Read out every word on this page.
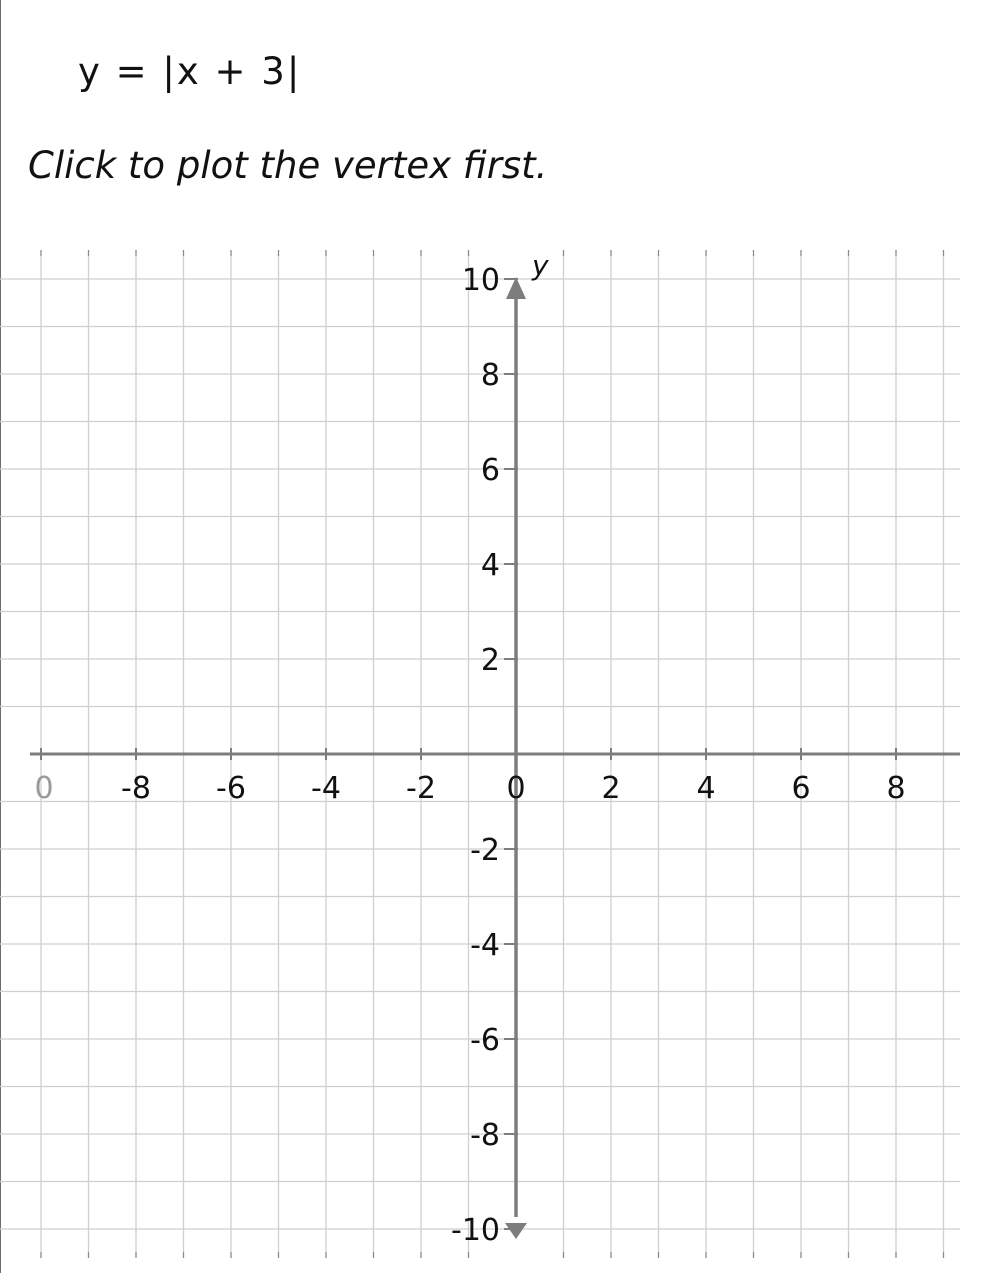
y = |x + 3|
Click to plot the vertex first.
y
0 -8 -6 -4 -2 0	2	4	6	8
10
8
6
4
2
-2
-4
-6
-8
-10
